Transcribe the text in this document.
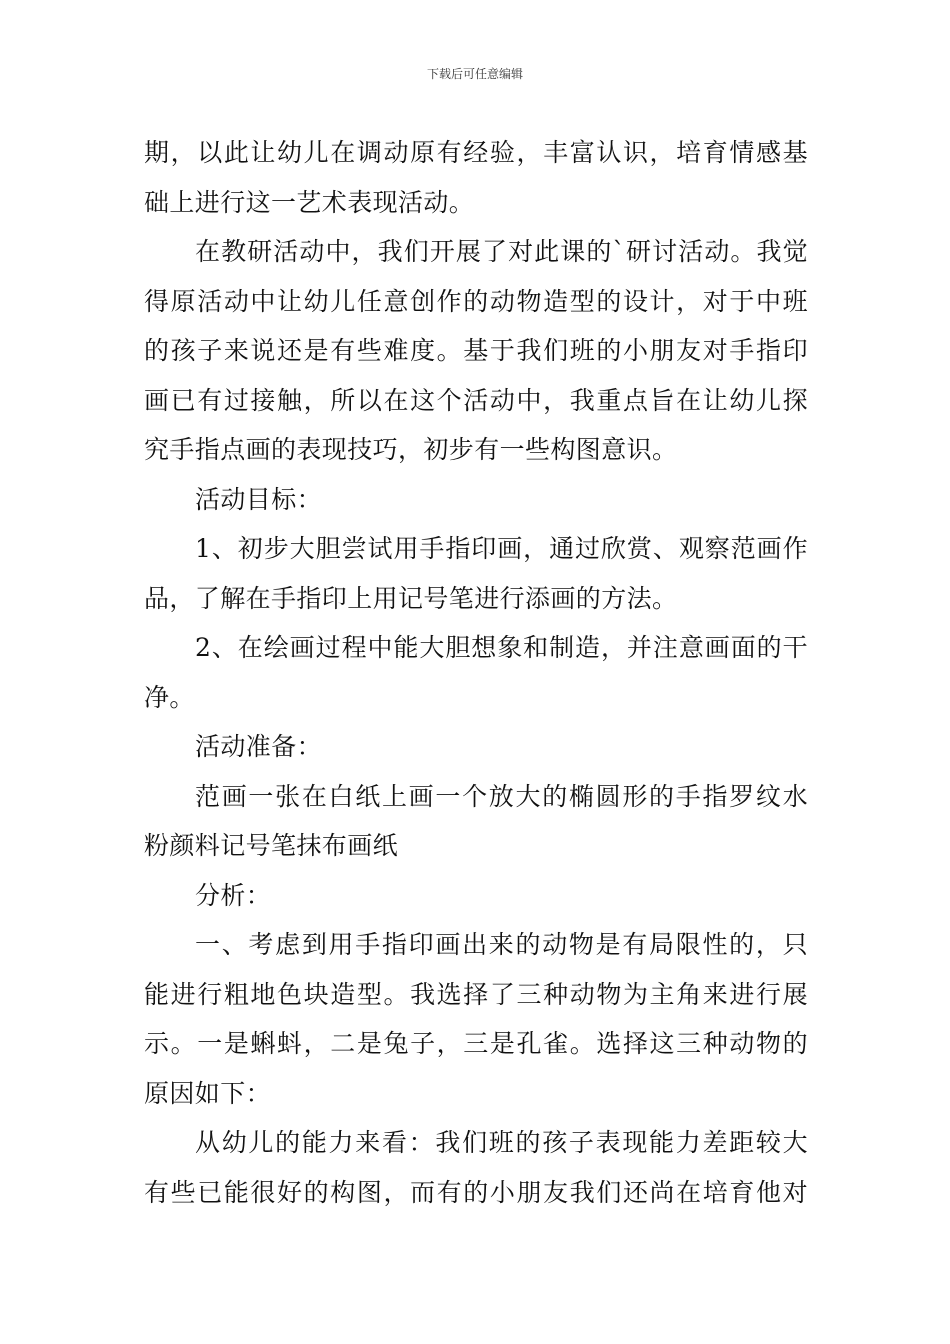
下载后可任意编辑
期，以此让幼儿在调动原有经验，丰富认识，培育情感基
础上进行这一艺术表现活动。
在教研活动中，我们开展了对此课的`研讨活动。我觉
得原活动中让幼儿任意创作的动物造型的设计，对于中班
的孩子来说还是有些难度。基于我们班的小朋友对手指印
画已有过接触，所以在这个活动中，我重点旨在让幼儿探
究手指点画的表现技巧，初步有一些构图意识。
活动目标：
1、初步大胆尝试用手指印画，通过欣赏、观察范画作
品，了解在手指印上用记号笔进行添画的方法。
2、在绘画过程中能大胆想象和制造，并注意画面的干
净。
活动准备：
范画一张在白纸上画一个放大的椭圆形的手指罗纹水
粉颜料记号笔抹布画纸
分析：
一、考虑到用手指印画出来的动物是有局限性的，只
能进行粗地色块造型。我选择了三种动物为主角来进行展
示。一是蝌蚪，二是兔子，三是孔雀。选择这三种动物的
原因如下：
从幼儿的能力来看：我们班的孩子表现能力差距较大
有些已能很好的构图，而有的小朋友我们还尚在培育他对
